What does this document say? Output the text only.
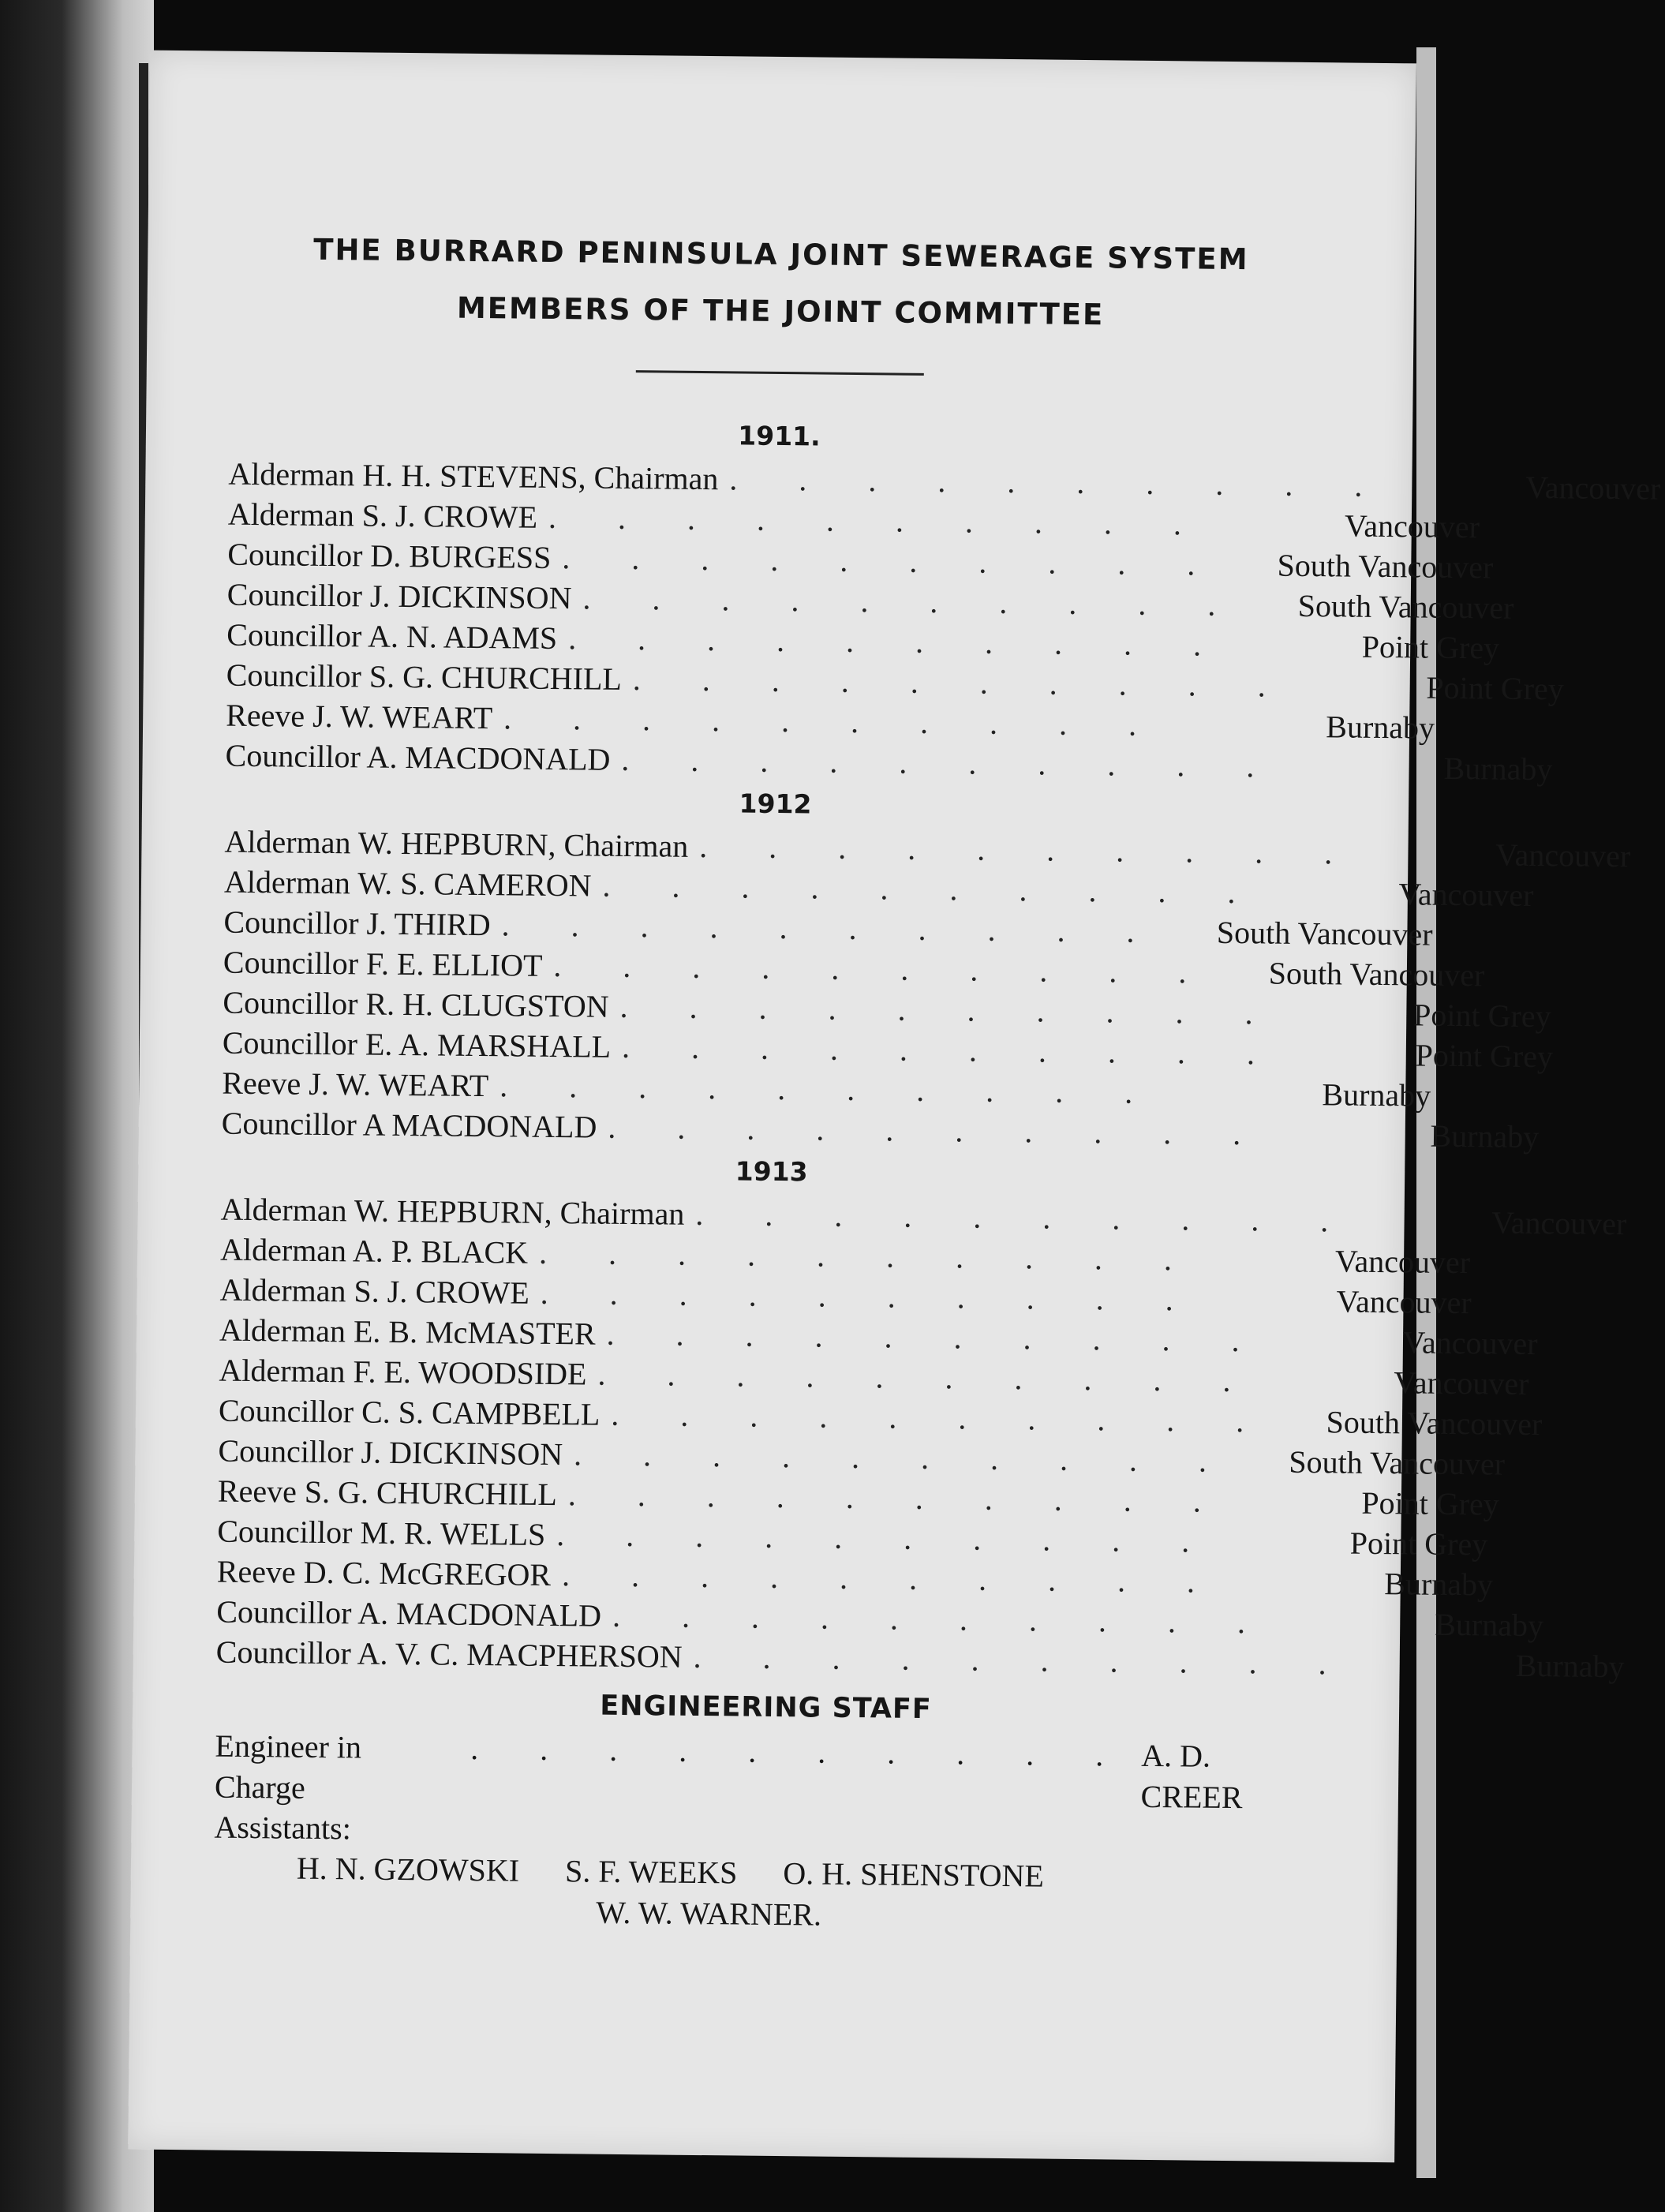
THE BURRARD PENINSULA JOINT SEWERAGE SYSTEM
MEMBERS OF THE JOINT COMMITTEE
1911.
Alderman H. H. STEVENS, Chairman . . . . . . . . . .	Vancouver
Alderman S. J. CROWE . . . . . . . . . .	Vancouver
Councillor D. BURGESS . . . . . . . . . .	South Vancouver
Councillor J. DICKINSON . . . . . . . . . .	South Vancouver
Councillor A. N. ADAMS . . . . . . . . . .	Point Grey
Councillor S. G. CHURCHILL . . . . . . . . . .	Point Grey
Reeve J. W. WEART . . . . . . . . . .	Burnaby
Councillor A. MACDONALD . . . . . . . . . .	Burnaby
1912
Alderman W. HEPBURN, Chairman . . . . . . . . . .	Vancouver
Alderman W. S. CAMERON . . . . . . . . . .	Vancouver
Councillor J. THIRD . . . . . . . . . .	South Vancouver
Councillor F. E. ELLIOT . . . . . . . . . .	South Vancouver
Councillor R. H. CLUGSTON . . . . . . . . . .	Point Grey
Councillor E. A. MARSHALL . . . . . . . . . .	Point Grey
Reeve J. W. WEART . . . . . . . . . .	Burnaby
Councillor A MACDONALD . . . . . . . . . .	Burnaby
1913
Alderman W. HEPBURN, Chairman . . . . . . . . . .	Vancouver
Alderman A. P. BLACK . . . . . . . . . .	Vancouver
Alderman S. J. CROWE . . . . . . . . . .	Vancouver
Alderman E. B. McMASTER . . . . . . . . . .	Vancouver
Alderman F. E. WOODSIDE . . . . . . . . . .	Vancouver
Councillor C. S. CAMPBELL . . . . . . . . . .	South Vancouver
Councillor J. DICKINSON . . . . . . . . . .	South Vancouver
Reeve S. G. CHURCHILL . . . . . . . . . .	Point Grey
Councillor M. R. WELLS . . . . . . . . . .	Point Grey
Reeve D. C. McGREGOR . . . . . . . . . .	Burnaby
Councillor A. MACDONALD . . . . . . . . . .	Burnaby
Councillor A. V. C. MACPHERSON . . . . . . . . . .	Burnaby
ENGINEERING STAFF
Engineer in Charge
. . . . . . . . . . A. D. CREER
Assistants:
H. N. GZOWSKI S. F. WEEKS O. H. SHENSTONE
W. W. WARNER.
